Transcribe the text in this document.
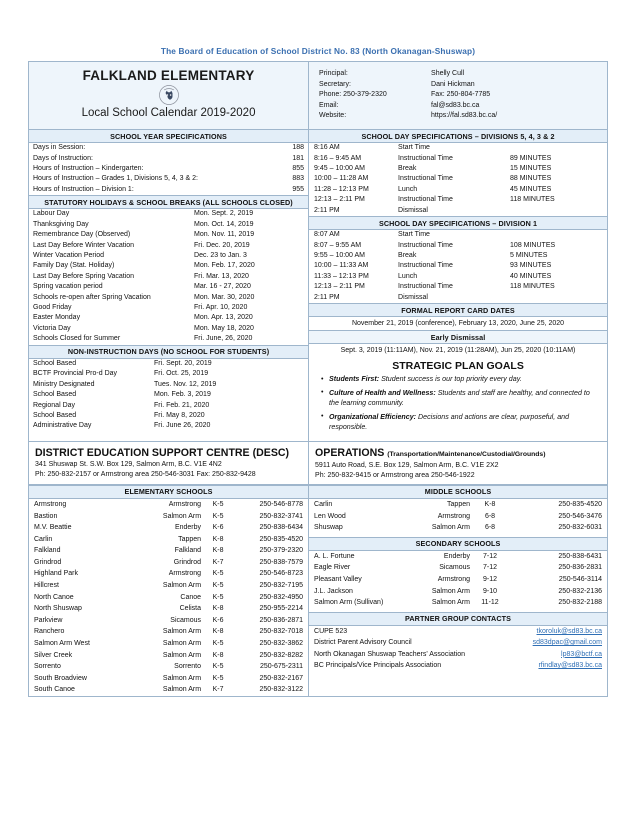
The Board of Education of School District No. 83 (North Okanagan-Shuswap)
FALKLAND ELEMENTARY
Local School Calendar 2019-2020
SCHOOL YEAR SPECIFICATIONS
Days in Session:	188
Days of Instruction:	181
Hours of Instruction – Kindergarten:	855
Hours of Instruction – Grades 1, Divisions 5, 4, 3 & 2:	883
Hours of Instruction – Division 1:	955
STATUTORY HOLIDAYS & SCHOOL BREAKS (ALL SCHOOLS CLOSED)
Labour Day	Mon. Sept. 2, 2019
Thanksgiving Day	Mon. Oct. 14, 2019
Remembrance Day (Observed)	Mon. Nov. 11, 2019
Last Day Before Winter Vacation	Fri. Dec. 20, 2019
Winter Vacation Period	Dec. 23 to Jan. 3
Family Day (Stat. Holiday)	Mon. Feb. 17, 2020
Last Day Before Spring Vacation	Fri. Mar. 13, 2020
Spring vacation period	Mar. 16 - 27, 2020
Schools re-open after Spring Vacation	Mon. Mar. 30, 2020
Good Friday	Fri. Apr. 10, 2020
Easter Monday	Mon. Apr. 13, 2020
Victoria Day	Mon. May 18, 2020
Schools Closed for Summer	Fri. June, 26, 2020
NON-INSTRUCTION DAYS (NO SCHOOL FOR STUDENTS)
School Based	Fri. Sept. 20, 2019
BCTF Provincial Pro-d Day	Fri. Oct. 25, 2019
Ministry Designated	Tues. Nov. 12, 2019
School Based	Mon. Feb. 3, 2019
Regional Day	Fri. Feb. 21, 2020
School Based	Fri. May 8, 2020
Administrative Day	Fri. June 26, 2020
Principal:	Shelly Cull
Secretary:	Dani Hickman
Phone: 250-379-2320	Fax: 250-804-7785
Email:	fal@sd83.bc.ca
Website:	https://fal.sd83.bc.ca/
SCHOOL DAY SPECIFICATIONS – DIVISIONS 5, 4, 3 & 2
8:16 AM	Start Time
8:16 – 9:45 AM	Instructional Time	89 MINUTES
9:45 – 10:00 AM	Break	15 MINUTES
10:00 – 11:28 AM	Instructional Time	88 MINUTES
11:28 – 12:13 PM	Lunch	45 MINUTES
12:13 – 2:11 PM	Instructional Time	118 MINUTES
2:11 PM	Dismissal
SCHOOL DAY SPECIFICATIONS – DIVISION 1
8:07 AM	Start Time
8:07 – 9:55 AM	Instructional Time	108 MINUTES
9:55 – 10:00 AM	Break	5 MINUTES
10:00 – 11:33 AM	Instructional Time	93 MINUTES
11:33 – 12:13 PM	Lunch	40 MINUTES
12:13 – 2:11 PM	Instructional Time	118 MINUTES
2:11 PM	Dismissal
FORMAL REPORT CARD DATES
November 21, 2019 (conference), February 13, 2020, June 25, 2020
Early Dismissal
Sept. 3, 2019 (11:11AM), Nov. 21, 2019 (11:28AM), Jun 25, 2020 (10:11AM)
STRATEGIC PLAN GOALS
• Students First: Student success is our top priority every day.
• Culture of Health and Wellness: Students and staff are healthy, and connected to the learning community.
• Organizational Efficiency: Decisions and actions are clear, purposeful, and responsible.
DISTRICT EDUCATION SUPPORT CENTRE (DESC)
341 Shuswap St. S.W. Box 129, Salmon Arm, B.C. V1E 4N2
Ph: 250-832-2157 or Armstrong area 250-546-3031 Fax: 250-832-9428
OPERATIONS (Transportation/Maintenance/Custodial/Grounds)
5911 Auto Road, S.E. Box 129, Salmon Arm, B.C. V1E 2X2
Ph: 250-832-9415 or Armstrong area 250-546-1922
ELEMENTARY SCHOOLS
Armstrong	Armstrong	K-5	250-546-8778
Bastion	Salmon Arm	K-5	250-832-3741
M.V. Beattie	Enderby	K-6	250-838-6434
Carlin	Tappen	K-8	250-835-4520
Falkland	Falkland	K-8	250-379-2320
Grindrod	Grindrod	K-7	250-838-7579
Highland Park	Armstrong	K-5	250-546-8723
Hillcrest	Salmon Arm	K-5	250-832-7195
North Canoe	Canoe	K-5	250-832-4950
North Shuswap	Celista	K-8	250-955-2214
Parkview	Sicamous	K-6	250-836-2871
Ranchero	Salmon Arm	K-8	250-832-7018
Salmon Arm West	Salmon Arm	K-5	250-832-3862
Silver Creek	Salmon Arm	K-8	250-832-8282
Sorrento	Sorrento	K-5	250-675-2311
South Broadview	Salmon Arm	K-5	250-832-2167
South Canoe	Salmon Arm	K-7	250-832-3122
MIDDLE SCHOOLS
Carlin	Tappen	K-8	250-835-4520
Len Wood	Armstrong	6-8	250-546-3476
Shuswap	Salmon Arm	6-8	250-832-6031
SECONDARY SCHOOLS
A. L. Fortune	Enderby	7-12	250-838-6431
Eagle River	Sicamous	7-12	250-836-2831
Pleasant Valley	Armstrong	9-12	250-546-3114
J.L. Jackson	Salmon Arm	9-10	250-832-2136
Salmon Arm (Sullivan)	Salmon Arm	11-12	250-832-2188
PARTNER GROUP CONTACTS
CUPE 523	tkoroluk@sd83.bc.ca
District Parent Advisory Council	sd83dpac@gmail.com
North Okanagan Shuswap Teachers' Association	lp83@bctf.ca
BC Principals/Vice Principals Association	rfindlay@sd83.bc.ca
